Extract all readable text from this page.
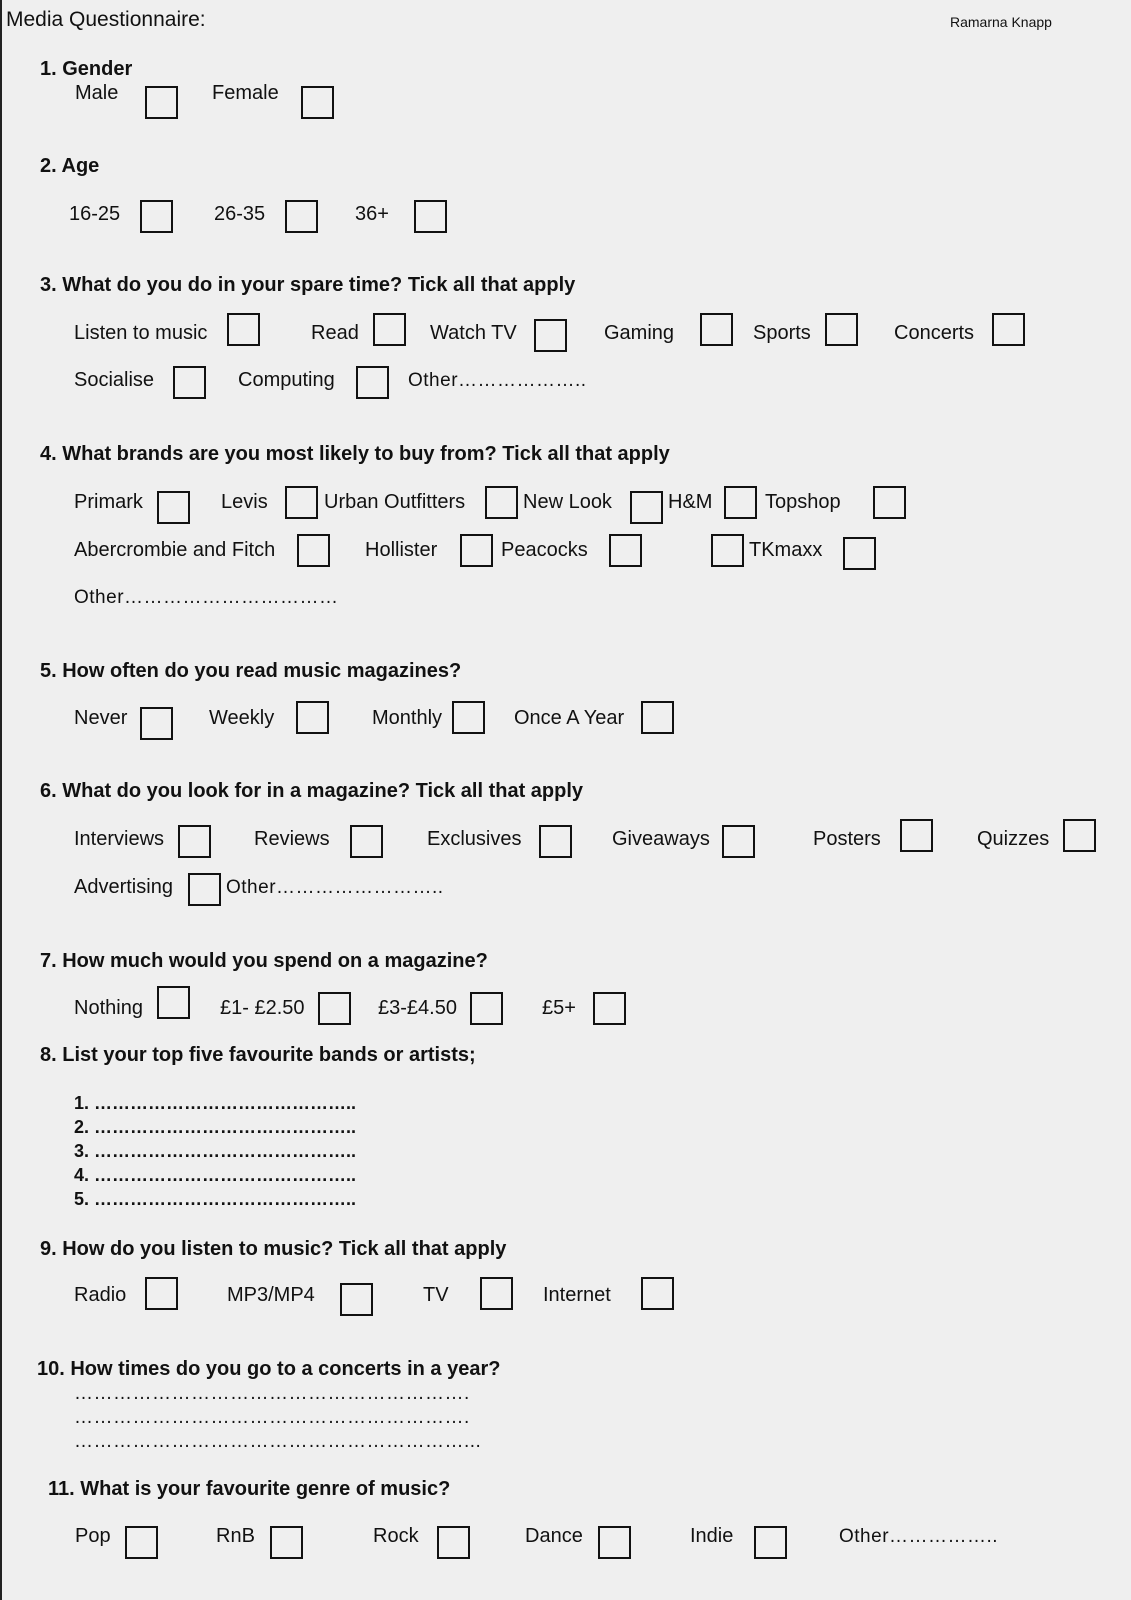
Media Questionnaire:	Ramarna Knapp
1. Gender
Male	Female
2. Age
16-25	26-35	36+
3. What do you do in your spare time? Tick all that apply
Listen to music	Read	Watch TV	Gaming	Sports	Concerts
Socialise	Computing	Other………………..
4. What brands are you most likely to buy from? Tick all that apply
Primark	Levis	Urban Outfitters	New Look	H&M	Topshop
Abercrombie and Fitch	Hollister	Peacocks	TKmaxx
Other……………………………
5. How often do you read music magazines?
Never	Weekly	Monthly	Once A Year
6. What do you look for in a magazine? Tick all that apply
Interviews	Reviews	Exclusives	Giveaways	Posters	Quizzes
Advertising	Other……………………..
7. How much would you spend on a magazine?
Nothing	£1- £2.50	£3-£4.50	£5+
8. List your top five favourite bands or artists;
1. ……………………………………..
2. ……………………………………..
3. ……………………………………..
4. ……………………………………..
5. ……………………………………..
9. How do you listen to music? Tick all that apply
Radio	MP3/MP4	TV	Internet
10. How times do you go to a concerts in a year?
…………………………………………………….
…………………………………………………….
……………………………………………………...
11. What is your favourite genre of music?
Pop	RnB	Rock	Dance	Indie	Other……………..
